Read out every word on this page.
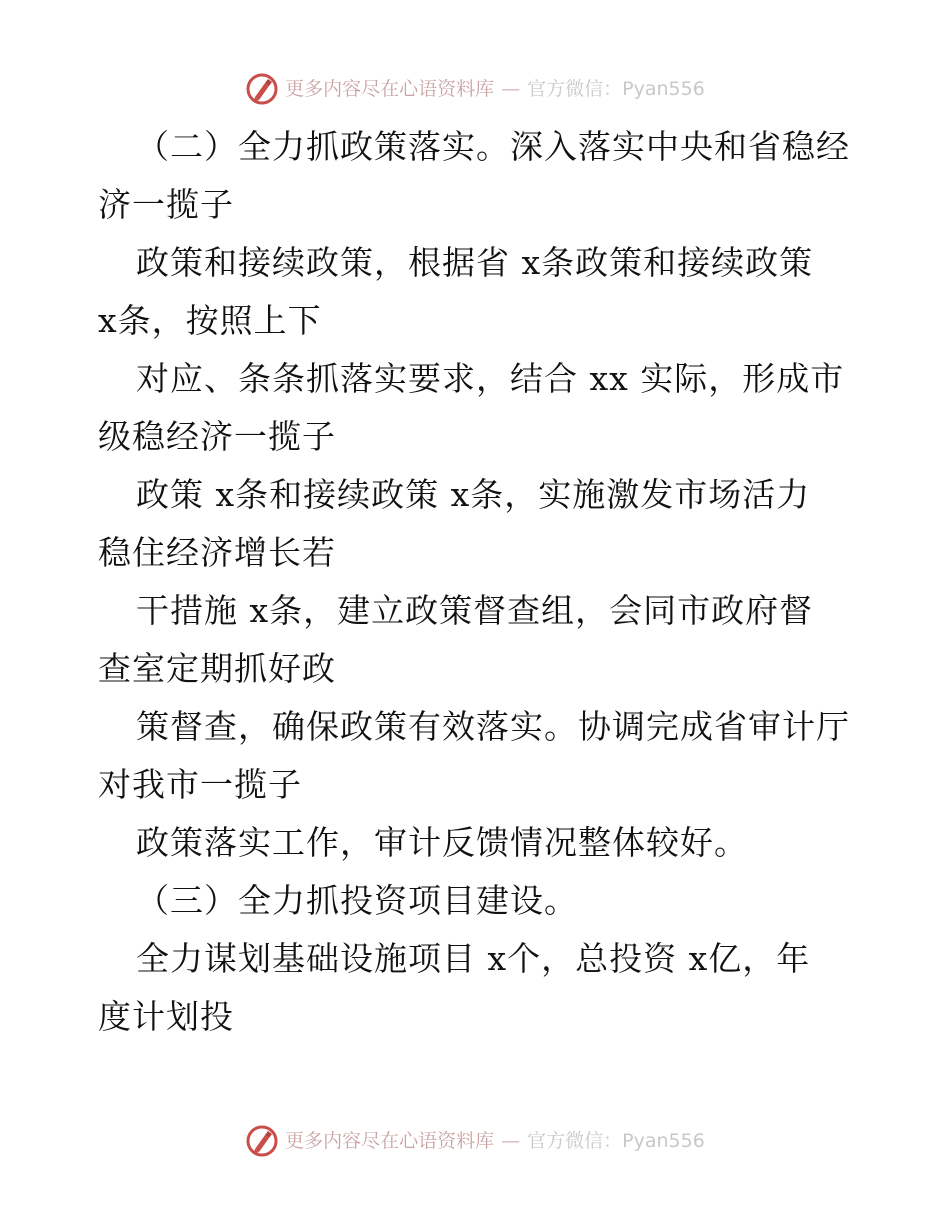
更多内容尽在心语资料库 — 官方微信：Pyan556
（二）全力抓政策落实。深入落实中央和省稳经
济一揽子
政策和接续政策，根据省 x条政策和接续政策
x条，按照上下
对应、条条抓落实要求，结合 xx 实际，形成市
级稳经济一揽子
政策 x条和接续政策 x条，实施激发市场活力
稳住经济增长若
干措施 x条，建立政策督查组，会同市政府督
查室定期抓好政
策督查，确保政策有效落实。协调完成省审计厅
对我市一揽子
政策落实工作，审计反馈情况整体较好。
（三）全力抓投资项目建设。
全力谋划基础设施项目 x个，总投资 x亿，年
度计划投
更多内容尽在心语资料库 — 官方微信：Pyan556
